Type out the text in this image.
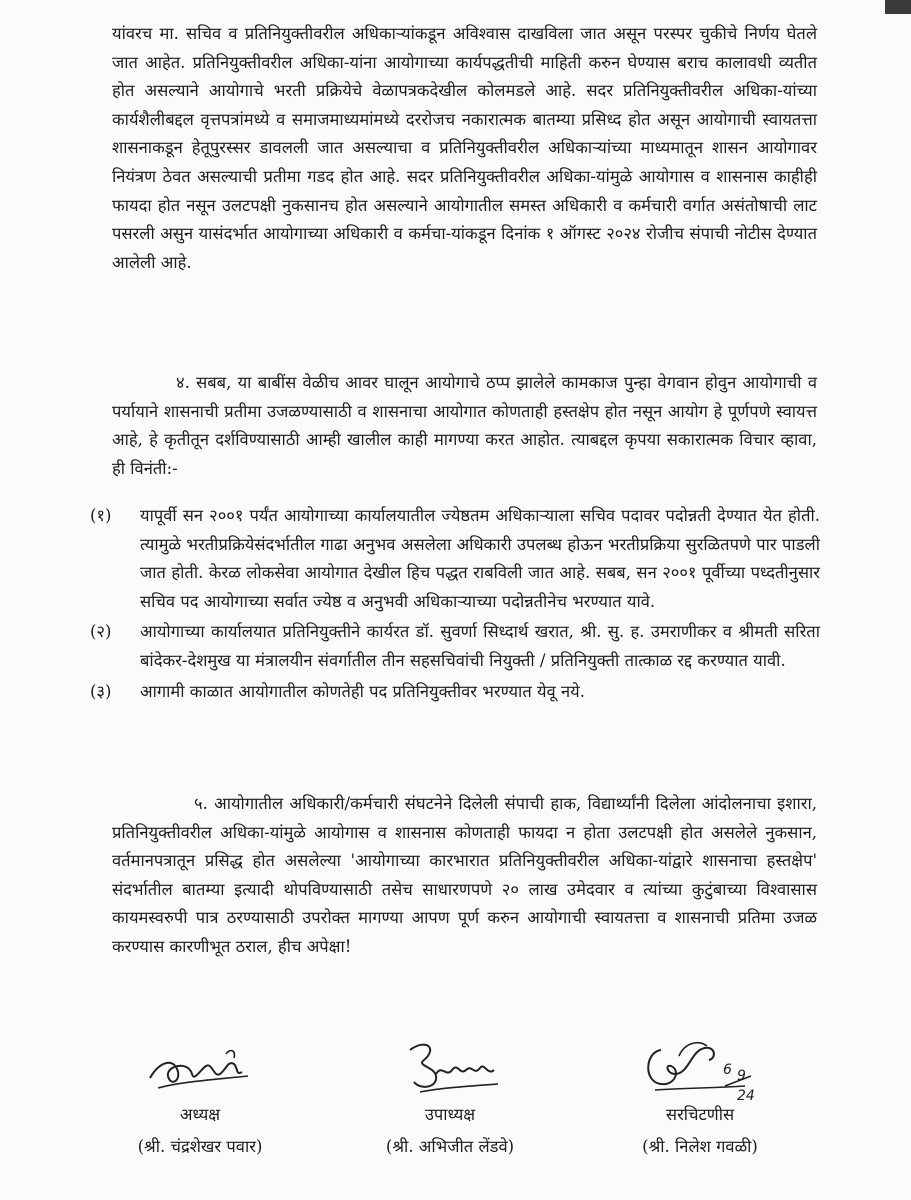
यांवरच मा. सचिव व प्रतिनियुक्तीवरील अधिकाऱ्यांकडून अविश्वास दाखविला जात असून परस्पर चुकीचे निर्णय घेतले जात आहेत. प्रतिनियुक्तीवरील अधिका-यांना आयोगाच्या कार्यपद्धतीची माहिती करुन घेण्यास बराच कालावधी व्यतीत होत असल्याने आयोगाचे भरती प्रक्रियेचे वेळापत्रकदेखील कोलमडले आहे. सदर प्रतिनियुक्तीवरील अधिका-यांच्या कार्यशैलीबद्दल वृत्तपत्रांमध्ये व समाजमाध्यमांमध्ये दररोजच नकारात्मक बातम्या प्रसिध्द होत असून आयोगाची स्वायतत्ता शासनाकडून हेतूपुरस्सर डावलली जात असल्याचा व प्रतिनियुक्तीवरील अधिकाऱ्यांच्या माध्यमातून शासन आयोगावर नियंत्रण ठेवत असल्याची प्रतीमा गडद होत आहे. सदर प्रतिनियुक्तीवरील अधिका-यांमुळे आयोगास व शासनास काहीही फायदा होत नसून उलटपक्षी नुकसानच होत असल्याने आयोगातील समस्त अधिकारी व कर्मचारी वर्गात असंतोषाची लाट पसरली असुन यासंदर्भात आयोगाच्या अधिकारी व कर्मचा-यांकडून दिनांक १ ऑगस्ट २०२४ रोजीच संपाची नोटीस देण्यात आलेली आहे.

४. सबब, या बाबींस वेळीच आवर घालून आयोगाचे ठप्प झालेले कामकाज पुन्हा वेगवान होवुन आयोगाची व पर्यायाने शासनाची प्रतीमा उजळण्यासाठी व शासनाचा आयोगात कोणताही हस्तक्षेप होत नसून आयोग हे पूर्णपणे स्वायत्त आहे, हे कृतीतून दर्शविण्यासाठी आम्ही खालील काही मागण्या करत आहोत. त्याबद्दल कृपया सकारात्मक विचार व्हावा, ही विनंती:-
(१) यापूर्वी सन २००१ पर्यंत आयोगाच्या कार्यालयातील ज्येष्ठतम अधिकाऱ्याला सचिव पदावर पदोन्नती देण्यात येत होती. त्यामुळे भरतीप्रक्रियेसंदर्भातील गाढा अनुभव असलेला अधिकारी उपलब्ध होऊन भरतीप्रक्रिया सुरळितपणे पार पाडली जात होती. केरळ लोकसेवा आयोगात देखील हिच पद्धत राबविली जात आहे. सबब, सन २००१ पूर्वीच्या पध्दतीनुसार सचिव पद आयोगाच्या सर्वात ज्येष्ठ व अनुभवी अधिकाऱ्याच्या पदोन्नतीनेच भरण्यात यावे.
(२) आयोगाच्या कार्यालयात प्रतिनियुक्तीने कार्यरत डॉ. सुवर्णा सिध्दार्थ खरात, श्री. सु. ह. उमराणीकर व श्रीमती सरिता बांदेकर-देशमुख या मंत्रालयीन संवर्गातील तीन सहसचिवांची नियुक्ती / प्रतिनियुक्ती तात्काळ रद्द करण्यात यावी.
(३) आगामी काळात आयोगातील कोणतेही पद प्रतिनियुक्तीवर भरण्यात येवू नये.
५. आयोगातील अधिकारी/कर्मचारी संघटनेने दिलेली संपाची हाक, विद्यार्थ्यांनी दिलेला आंदोलनाचा इशारा, प्रतिनियुक्तीवरील अधिका-यांमुळे आयोगास व शासनास कोणताही फायदा न होता उलटपक्षी होत असलेले नुकसान, वर्तमानपत्रातून प्रसिद्ध होत असलेल्या 'आयोगाच्या कारभारात प्रतिनियुक्तीवरील अधिका-यांद्वारे शासनाचा हस्तक्षेप' संदर्भातील बातम्या इत्यादी थोपविण्यासाठी तसेच साधारणपणे २० लाख उमेदवार व त्यांच्या कुटुंबाच्या विश्वासास कायमस्वरुपी पात्र ठरण्यासाठी उपरोक्त मागण्या आपण पूर्ण करुन आयोगाची स्वायतत्ता व शासनाची प्रतिमा उजळ करण्यास कारणीभूत ठराल, हीच अपेक्षा!
अध्यक्ष
(श्री. चंद्रशेखर पवार)
उपाध्यक्ष
(श्री. अभिजीत लेंडवे)
6 9
24
सरचिटणीस
(श्री. निलेश गवळी)
